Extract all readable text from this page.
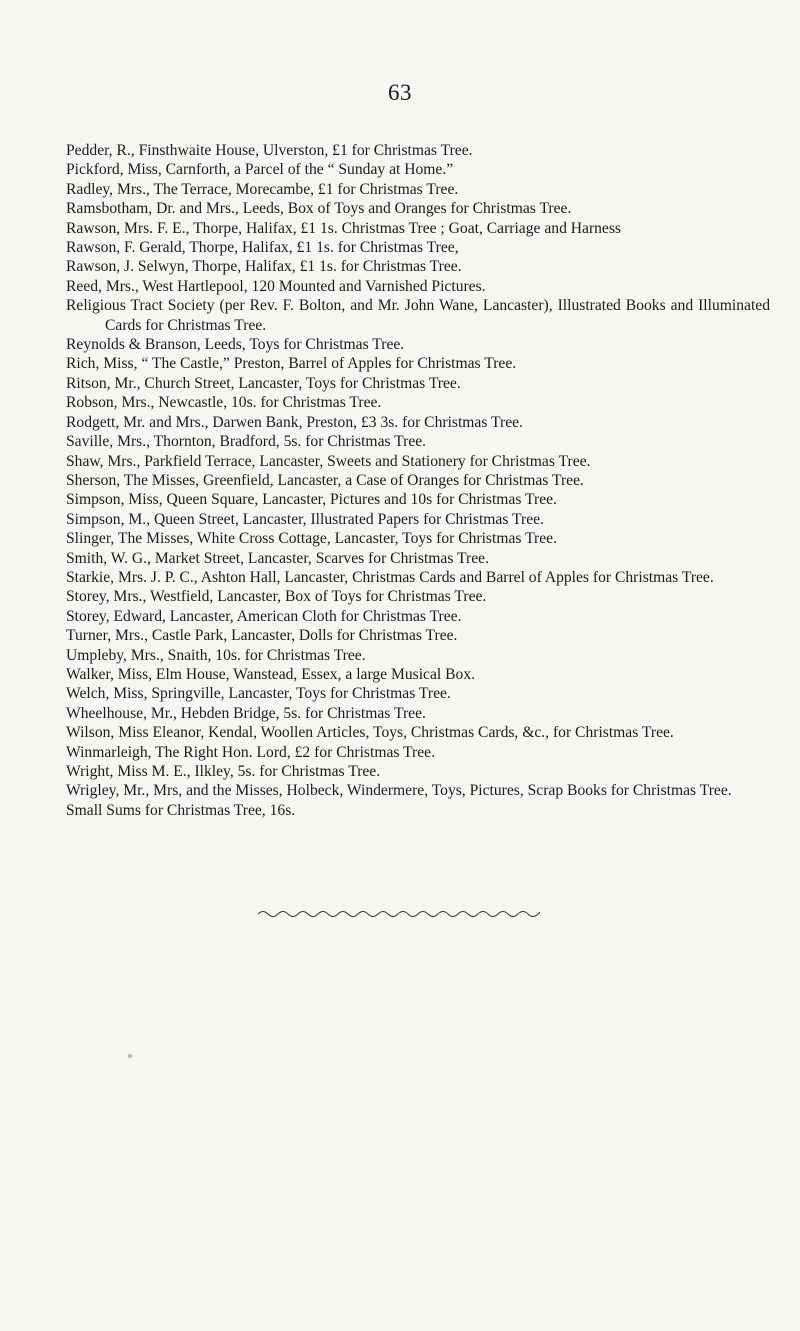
63
Pedder, R., Finsthwaite House, Ulverston, £1 for Christmas Tree.
Pickford, Miss, Carnforth, a Parcel of the “ Sunday at Home.”
Radley, Mrs., The Terrace, Morecambe, £1 for Christmas Tree.
Ramsbotham, Dr. and Mrs., Leeds, Box of Toys and Oranges for Christmas Tree.
Rawson, Mrs. F. E., Thorpe, Halifax, £1 1s. Christmas Tree ; Goat, Carriage and Harness
Rawson, F. Gerald, Thorpe, Halifax, £1 1s. for Christmas Tree,
Rawson, J. Selwyn, Thorpe, Halifax, £1 1s. for Christmas Tree.
Reed, Mrs., West Hartlepool, 120 Mounted and Varnished Pictures.
Religious Tract Society (per Rev. F. Bolton, and Mr. John Wane, Lancaster), Illustrated Books and Illuminated Cards for Christmas Tree.
Reynolds & Branson, Leeds, Toys for Christmas Tree.
Rich, Miss, “ The Castle,” Preston, Barrel of Apples for Christmas Tree.
Ritson, Mr., Church Street, Lancaster, Toys for Christmas Tree.
Robson, Mrs., Newcastle, 10s. for Christmas Tree.
Rodgett, Mr. and Mrs., Darwen Bank, Preston, £3 3s. for Christmas Tree.
Saville, Mrs., Thornton, Bradford, 5s. for Christmas Tree.
Shaw, Mrs., Parkfield Terrace, Lancaster, Sweets and Stationery for Christmas Tree.
Sherson, The Misses, Greenfield, Lancaster, a Case of Oranges for Christmas Tree.
Simpson, Miss, Queen Square, Lancaster, Pictures and 10s for Christmas Tree.
Simpson, M., Queen Street, Lancaster, Illustrated Papers for Christmas Tree.
Slinger, The Misses, White Cross Cottage, Lancaster, Toys for Christmas Tree.
Smith, W. G., Market Street, Lancaster, Scarves for Christmas Tree.
Starkie, Mrs. J. P. C., Ashton Hall, Lancaster, Christmas Cards and Barrel of Apples for Christmas Tree.
Storey, Mrs., Westfield, Lancaster, Box of Toys for Christmas Tree.
Storey, Edward, Lancaster, American Cloth for Christmas Tree.
Turner, Mrs., Castle Park, Lancaster, Dolls for Christmas Tree.
Umpleby, Mrs., Snaith, 10s. for Christmas Tree.
Walker, Miss, Elm House, Wanstead, Essex, a large Musical Box.
Welch, Miss, Springville, Lancaster, Toys for Christmas Tree.
Wheelhouse, Mr., Hebden Bridge, 5s. for Christmas Tree.
Wilson, Miss Eleanor, Kendal, Woollen Articles, Toys, Christmas Cards, &c., for Christmas Tree.
Winmarleigh, The Right Hon. Lord, £2 for Christmas Tree.
Wright, Miss M. E., Ilkley, 5s. for Christmas Tree.
Wrigley, Mr., Mrs, and the Misses, Holbeck, Windermere, Toys, Pictures, Scrap Books for Christmas Tree.
Small Sums for Christmas Tree, 16s.
